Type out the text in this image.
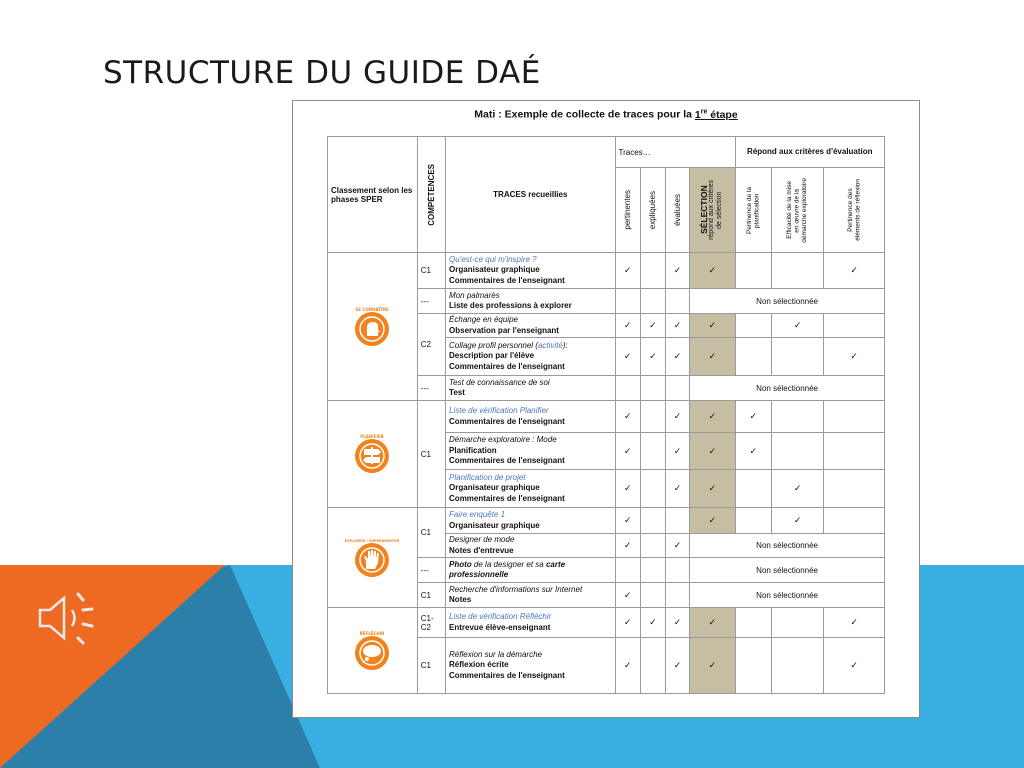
STRUCTURE DU GUIDE DAÉ
Mati : Exemple de collecte de traces pour la 1re étape
Classement selon les phases SPER	COMPÉTENCES	TRACES recueillies	Traces…				Répond aux critères d'évaluation		

			pertinentes	expliquées	évaluées	SÉLECTION
répond aux critères
de sélection	Pertinence de la
planification	Efficacité de la mise
en œuvre de la
démarche exploratoire	Pertinence des
éléments de réflexion

SE CONNAÎTRE	C1	Qu'est-ce qui m'inspire ?
Organisateur graphique
Commentaires de l'enseignant	✓		✓	✓			✓
	---	Mon palmarès
Liste des professions à explorer				Non sélectionnée			
	C2	Échange en équipe
Observation par l'enseignant	✓	✓	✓	✓		✓	

		Collage profil personnel (activité):
Description par l'élève
Commentaires de l'enseignant	✓	✓	✓	✓			✓
	---	Test de connaissance de soi
Test				Non sélectionnée			

PLANIFIER	C1	Liste de vérification Planifier
Commentaires de l'enseignant	✓		✓	✓	✓		

		Démarche exploratoire : Mode
Planification
Commentaires de l'enseignant	✓		✓	✓	✓		

		Planification de projet
Organisateur graphique
Commentaires de l'enseignant	✓		✓	✓		✓	

EXPLORER / EXPÉRIMENTER	C1	Faire enquête 1
Organisateur graphique	✓			✓		✓	

		Designer de mode
Notes d'entrevue	✓		✓	Non sélectionnée			
	---	Photo de la designer et sa carte
professionnelle				Non sélectionnée			
	C1	Recherche d'informations sur Internet
Notes	✓			Non sélectionnée			

RÉFLÉCHIR	C1-C2	Liste de vérification Réfléchir
Entrevue élève-enseignant	✓	✓	✓	✓			✓
	C1	Réflexion sur la démarche
Réflexion écrite
Commentaires de l'enseignant	✓		✓	✓			✓
